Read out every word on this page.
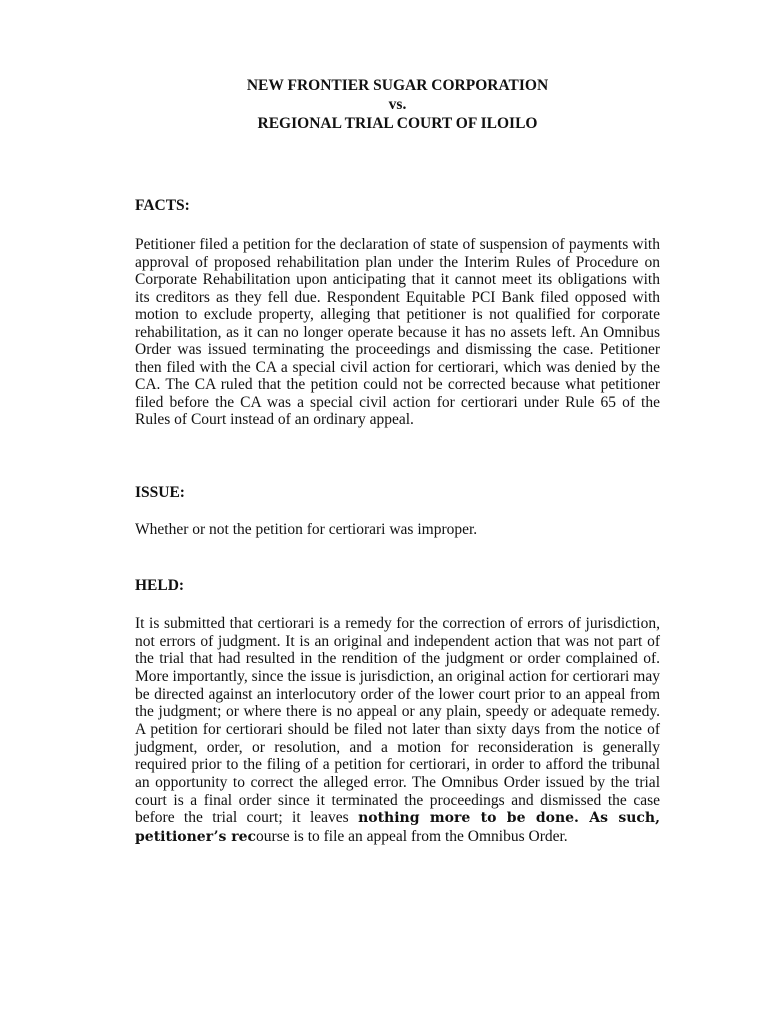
NEW FRONTIER SUGAR CORPORATION
vs.
REGIONAL TRIAL COURT OF ILOILO

FACTS:

Petitioner filed a petition for the declaration of state of suspension of payments with approval of proposed rehabilitation plan under the Interim Rules of Procedure on Corporate Rehabilitation upon anticipating that it cannot meet its obligations with its creditors as they fell due. Respondent Equitable PCI Bank filed opposed with motion to exclude property, alleging that petitioner is not qualified for corporate rehabilitation, as it can no longer operate because it has no assets left. An Omnibus Order was issued terminating the proceedings and dismissing the case. Petitioner then filed with the CA a special civil action for certiorari, which was denied by the CA. The CA ruled that the petition could not be corrected because what petitioner filed before the CA was a special civil action for certiorari under Rule 65 of the Rules of Court instead of an ordinary appeal.

ISSUE:

Whether or not the petition for certiorari was improper.

HELD:

It is submitted that certiorari is a remedy for the correction of errors of jurisdiction, not errors of judgment. It is an original and independent action that was not part of the trial that had resulted in the rendition of the judgment or order complained of. More importantly, since the issue is jurisdiction, an original action for certiorari may be directed against an interlocutory order of the lower court prior to an appeal from the judgment; or where there is no appeal or any plain, speedy or adequate remedy. A petition for certiorari should be filed not later than sixty days from the notice of judgment, order, or resolution, and a motion for reconsideration is generally required prior to the filing of a petition for certiorari, in order to afford the tribunal an opportunity to correct the alleged error. The Omnibus Order issued by the trial court is a final order since it terminated the proceedings and dismissed the case before the trial court; it leaves nothing more to be done. As such, petitioner’s recourse is to file an appeal from the Omnibus Order.
